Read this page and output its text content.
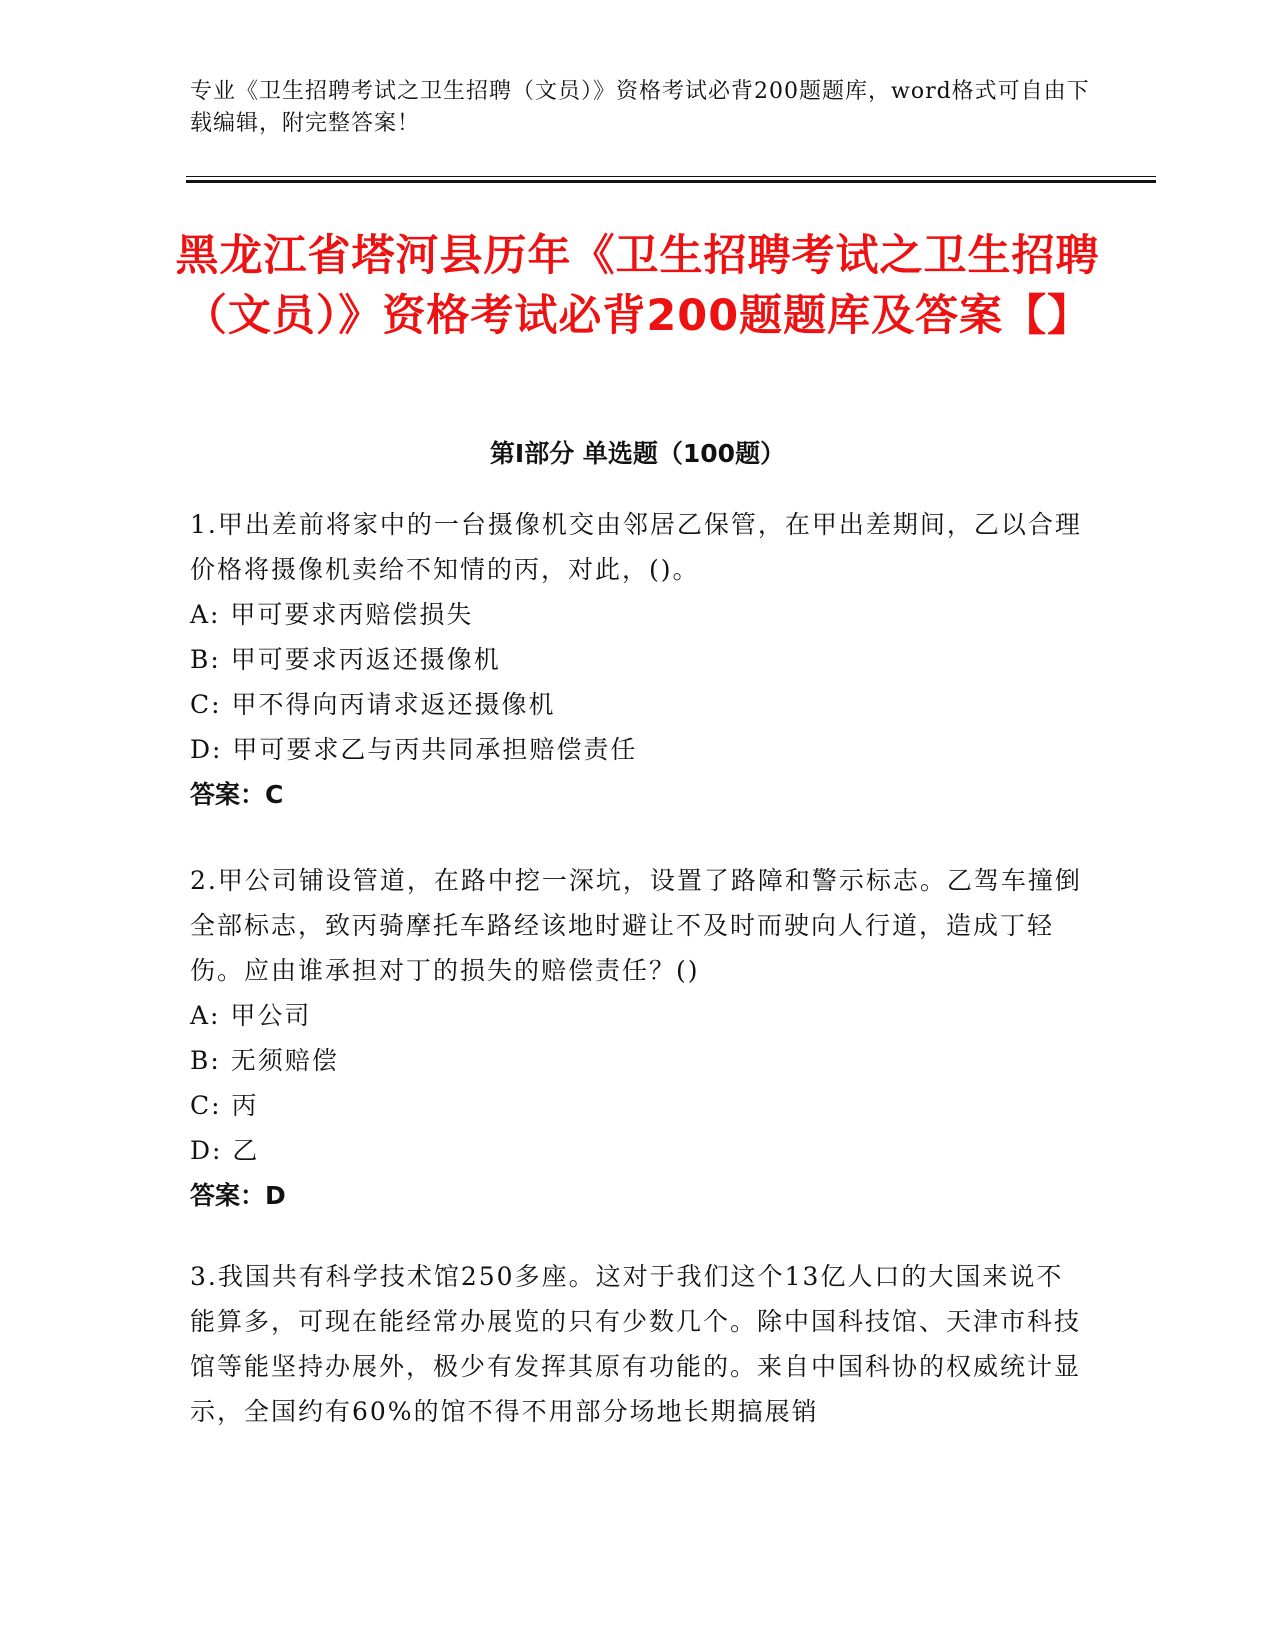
专业《卫生招聘考试之卫生招聘（文员）》资格考试必背200题题库，word格式可自由下载编辑，附完整答案！
黑龙江省塔河县历年《卫生招聘考试之卫生招聘（文员）》资格考试必背200题题库及答案【】
第I部分 单选题（100题）
1.甲出差前将家中的一台摄像机交由邻居乙保管，在甲出差期间，乙以合理价格将摄像机卖给不知情的丙，对此，()。
A: 甲可要求丙赔偿损失
B: 甲可要求丙返还摄像机
C: 甲不得向丙请求返还摄像机
D: 甲可要求乙与丙共同承担赔偿责任
答案：C
2.甲公司铺设管道，在路中挖一深坑，设置了路障和警示标志。乙驾车撞倒全部标志，致丙骑摩托车路经该地时避让不及时而驶向人行道，造成丁轻伤。应由谁承担对丁的损失的赔偿责任？()
A: 甲公司
B: 无须赔偿
C: 丙
D: 乙
答案：D
3.我国共有科学技术馆250多座。这对于我们这个13亿人口的大国来说不能算多，可现在能经常办展览的只有少数几个。除中国科技馆、天津市科技馆等能坚持办展外，极少有发挥其原有功能的。来自中国科协的权威统计显示，全国约有60%的馆不得不用部分场地长期搞展销
